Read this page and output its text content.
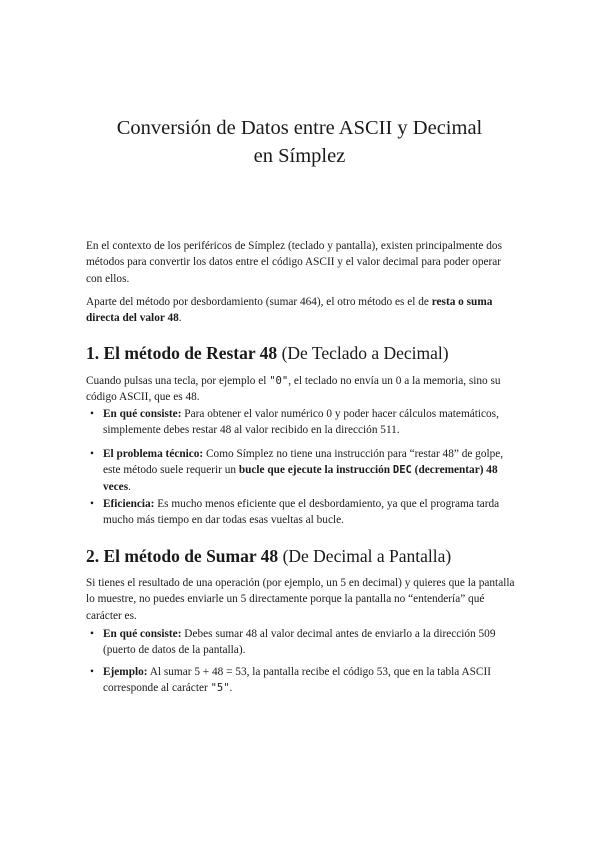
Conversión de Datos entre ASCII y Decimal
en Símplez
En el contexto de los periféricos de Símplez (teclado y pantalla), existen principalmente dos métodos para convertir los datos entre el código ASCII y el valor decimal para poder operar con ellos.
Aparte del método por desbordamiento (sumar 464), el otro método es el de resta o suma directa del valor 48.
1. El método de Restar 48 (De Teclado a Decimal)
Cuando pulsas una tecla, por ejemplo el "0", el teclado no envía un 0 a la memoria, sino su código ASCII, que es 48.
• En qué consiste: Para obtener el valor numérico 0 y poder hacer cálculos matemáticos, simplemente debes restar 48 al valor recibido en la dirección 511.
• El problema técnico: Como Símplez no tiene una instrucción para “restar 48” de golpe, este método suele requerir un bucle que ejecute la instrucción DEC (decrementar) 48 veces.
• Eficiencia: Es mucho menos eficiente que el desbordamiento, ya que el programa tarda mucho más tiempo en dar todas esas vueltas al bucle.
2. El método de Sumar 48 (De Decimal a Pantalla)
Si tienes el resultado de una operación (por ejemplo, un 5 en decimal) y quieres que la pantalla lo muestre, no puedes enviarle un 5 directamente porque la pantalla no “entendería” qué carácter es.
• En qué consiste: Debes sumar 48 al valor decimal antes de enviarlo a la dirección 509 (puerto de datos de la pantalla).
• Ejemplo: Al sumar 5 + 48 = 53, la pantalla recibe el código 53, que en la tabla ASCII corresponde al carácter "5".
